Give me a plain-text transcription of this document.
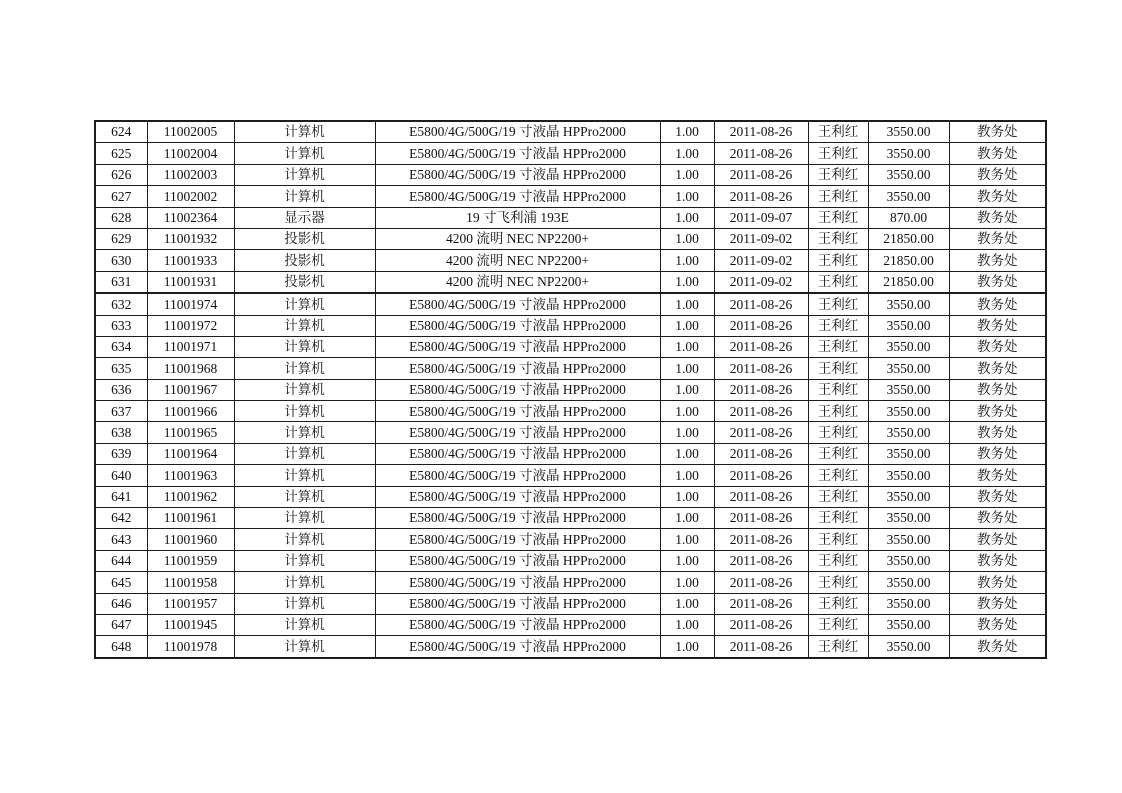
624	11002005	计算机	E5800/4G/500G/19 寸液晶 HPPro2000	1.00	2011-08-26	王利红	3550.00	教务处
625	11002004	计算机	E5800/4G/500G/19 寸液晶 HPPro2000	1.00	2011-08-26	王利红	3550.00	教务处
626	11002003	计算机	E5800/4G/500G/19 寸液晶 HPPro2000	1.00	2011-08-26	王利红	3550.00	教务处
627	11002002	计算机	E5800/4G/500G/19 寸液晶 HPPro2000	1.00	2011-08-26	王利红	3550.00	教务处
628	11002364	显示器	19 寸飞利浦 193E	1.00	2011-09-07	王利红	870.00	教务处
629	11001932	投影机	4200 流明 NEC NP2200+	1.00	2011-09-02	王利红	21850.00	教务处
630	11001933	投影机	4200 流明 NEC NP2200+	1.00	2011-09-02	王利红	21850.00	教务处
631	11001931	投影机	4200 流明 NEC NP2200+	1.00	2011-09-02	王利红	21850.00	教务处
632	11001974	计算机	E5800/4G/500G/19 寸液晶 HPPro2000	1.00	2011-08-26	王利红	3550.00	教务处
633	11001972	计算机	E5800/4G/500G/19 寸液晶 HPPro2000	1.00	2011-08-26	王利红	3550.00	教务处
634	11001971	计算机	E5800/4G/500G/19 寸液晶 HPPro2000	1.00	2011-08-26	王利红	3550.00	教务处
635	11001968	计算机	E5800/4G/500G/19 寸液晶 HPPro2000	1.00	2011-08-26	王利红	3550.00	教务处
636	11001967	计算机	E5800/4G/500G/19 寸液晶 HPPro2000	1.00	2011-08-26	王利红	3550.00	教务处
637	11001966	计算机	E5800/4G/500G/19 寸液晶 HPPro2000	1.00	2011-08-26	王利红	3550.00	教务处
638	11001965	计算机	E5800/4G/500G/19 寸液晶 HPPro2000	1.00	2011-08-26	王利红	3550.00	教务处
639	11001964	计算机	E5800/4G/500G/19 寸液晶 HPPro2000	1.00	2011-08-26	王利红	3550.00	教务处
640	11001963	计算机	E5800/4G/500G/19 寸液晶 HPPro2000	1.00	2011-08-26	王利红	3550.00	教务处
641	11001962	计算机	E5800/4G/500G/19 寸液晶 HPPro2000	1.00	2011-08-26	王利红	3550.00	教务处
642	11001961	计算机	E5800/4G/500G/19 寸液晶 HPPro2000	1.00	2011-08-26	王利红	3550.00	教务处
643	11001960	计算机	E5800/4G/500G/19 寸液晶 HPPro2000	1.00	2011-08-26	王利红	3550.00	教务处
644	11001959	计算机	E5800/4G/500G/19 寸液晶 HPPro2000	1.00	2011-08-26	王利红	3550.00	教务处
645	11001958	计算机	E5800/4G/500G/19 寸液晶 HPPro2000	1.00	2011-08-26	王利红	3550.00	教务处
646	11001957	计算机	E5800/4G/500G/19 寸液晶 HPPro2000	1.00	2011-08-26	王利红	3550.00	教务处
647	11001945	计算机	E5800/4G/500G/19 寸液晶 HPPro2000	1.00	2011-08-26	王利红	3550.00	教务处
648	11001978	计算机	E5800/4G/500G/19 寸液晶 HPPro2000	1.00	2011-08-26	王利红	3550.00	教务处
